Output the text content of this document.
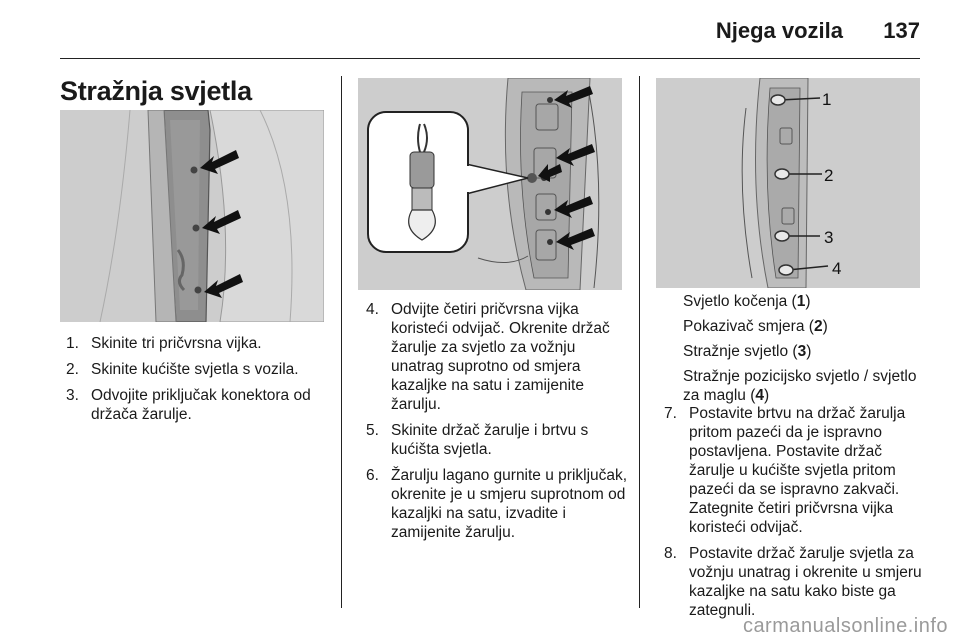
Njega vozila 137
Stražnja svjetla
1. Skinite tri pričvrsna vijka.
2. Skinite kućište svjetla s vozila.
3. Odvojite priključak konektora od držača žarulje.
4. Odvijte četiri pričvrsna vijka koristeći odvijač. Okrenite držač žarulje za svjetlo za vožnju unatrag suprotno od smjera kazaljke na satu i zamijenite žarulju.
5. Skinite držač žarulje i brtvu s kućišta svjetla.
6. Žarulju lagano gurnite u priključak, okrenite je u smjeru suprotnom od kazaljki na satu, izvadite i zamijenite žarulju.
1
2
3
4
Svjetlo kočenja (1)
Pokazivač smjera (2)
Stražnje svjetlo (3)
Stražnje pozicijsko svjetlo / svjetlo za maglu (4)
7. Postavite brtvu na držač žarulja pritom pazeći da je ispravno postavljena. Postavite držač žarulje u kućište svjetla pritom pazeći da se ispravno zakvači. Zategnite četiri pričvrsna vijka koristeći odvijač.
8. Postavite držač žarulje svjetla za vožnju unatrag i okrenite u smjeru kazaljke na satu kako biste ga zategnuli.
carmanualsonline.info
